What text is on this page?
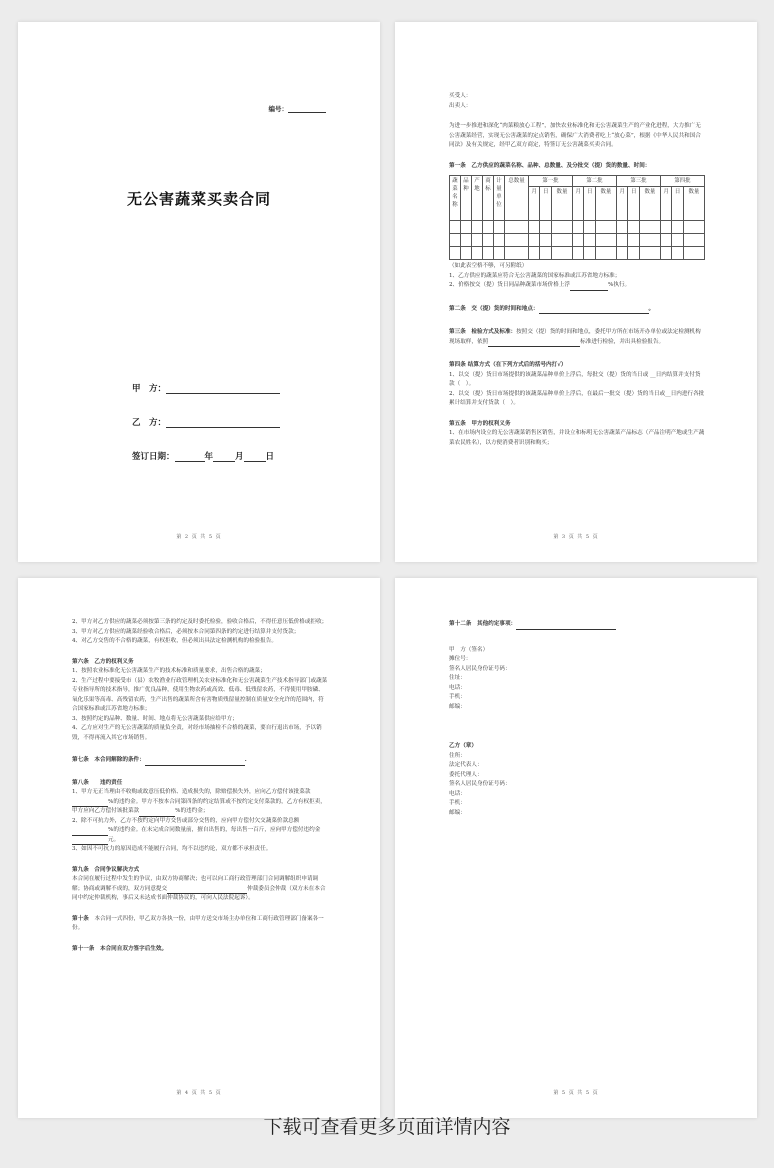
编号：
无公害蔬菜买卖合同
甲　方：
乙　方：
签订日期：	年	月	日
第 2 页 共 5 页
买受人：
出卖人：
为进一步推进和深化“肉菜粮放心工程”，加快农业标准化和无公害蔬菜生产的产业化进程，大力推广无公害蔬菜经营，实现无公害蔬菜的定点销售，确保广大消费者吃上“放心菜”，根据《中华人民共和国合同法》及有关规定，经甲乙双方商定，特签订无公害蔬菜买卖合同。
第一条　乙方供应的蔬菜名称、品种、总数量、及分批交（提）货的数量、时间：
蔬菜名称	品种	产地	商标	计量单位	总数量	第一批			第二批			第三批			第四批		
						月	日	数量	月	日	数量	月	日	数量	月	日	数量

（如此表空格不够，可另附纸）
1、乙方供应的蔬菜应符合无公害蔬菜的国家标准或江苏省地方标准；
2、价格按交（提）货日同品种蔬菜市场价格上浮	%执行。
第二条　交（提）货的时间和地点：	。
第三条　检验方式及标准：按照交（提）货的时间和地点，委托甲方所在市场开办单位或法定检测机构现场取样，依照	标准进行检验，并出具检验报告。
第四条 结算方式（在下列方式后的括号内打√）
1、以交（提）货日市场提供的该蔬菜品种单价上浮后，每批交（提）货的当日或 __日内结算并支付货款（　）。
2、以交（提）货日市场提供的该蔬菜品种单价上浮后，在最后一批交（提）货的当日或__日内进行各批累计结算并支付货款（　）。
第五条　甲方的权利义务
1、在市场内设立的无公害蔬菜销售区销售，并设立和标明无公害蔬菜产品标志（产品注明产地或生产蔬菜农民姓名），以方便消费者识别和购买；
第 3 页 共 5 页
2、甲方对乙方供应的蔬菜必须按第三条的约定及时委托检验，验收合格后，不得任意压低价格或拒收；
3、甲方对乙方供应的蔬菜经验收合格后，必须按本合同第四条的约定进行结算并支付货款；
4、对乙方交售的不合格的蔬菜，有权拒收，但必须出具法定检测机构的检验报告。
第六条　乙方的权利义务
1、按照农业标准化无公害蔬菜生产的技术标准和质量要求，出售合格的蔬菜；
2、生产过程中要接受市（县）农牧渔业行政管理机关农业标准化和无公害蔬菜生产技术指导部门或蔬菜专业指导所的技术指导，推广优良品种，使用生物农药或高效、低毒、低残留农药，不得使用甲胺磷、氧化乐果等高毒、高残留农药，生产出售的蔬菜所含有害物质残留量控制在质量安全允许的范围内，符合国家标准或江苏省地方标准；
3、按照约定的品种、数量、时间、地点将无公害蔬菜供应给甲方；
4、乙方应对生产的无公害蔬菜的质量负全责，对经市场抽检不合格的蔬菜，要自行退出市场，予以销毁，不得再流入其它市场销售。
第七条　本合同解除的条件：	.
第八条　　违约责任
1、甲方无正当理由不收购或故意压低价格、造成损失的，除赔偿损失外，应向乙方偿付该批菜款%的违约金。甲方不按本合同第四条的约定结算或不按约定支付菜款的，乙方有权拒卖，甲方应向乙方偿付该批菜款	%的违约金；
2、除不可抗力外，乙方不按约定向甲方交售或部分交售的，应向甲方偿付欠交蔬菜价款总额%的违约金。在未完成合同数量前，擅自出售的，每出售一百斤，应向甲方偿付违约金元。
3、如因不可抗力的原因造成不能履行合同，均不以违约论，双方都不承担责任。
第九条　合同争议解决方式
本合同在履行过程中发生的争议，由双方协商解决；也可以向工商行政管理部门合同调解组织申请调解；协商或调解不成的，双方同意提交	仲裁委员会仲裁（双方未在本合同中约定仲裁机构，事后又未达成书面仲裁协议的，可向人民法院起诉）。
第十条　 本合同一式四份，甲乙双方各执一份，由甲方送交市场主办单位和工商行政管理部门备案各一份。
第十一条　本合同自双方签字后生效。
第 4 页 共 5 页
第十二条　其他约定事项：
甲　方（签名）
摊位号：
签名人居民身份证号码：
住址：
电话：
手机：
邮编：
乙方（章）
住所：
法定代表人：
委托代理人：
签名人居民身份证号码：
电话：
手机：
邮编：
第 5 页 共 5 页
下载可查看更多页面详情内容
